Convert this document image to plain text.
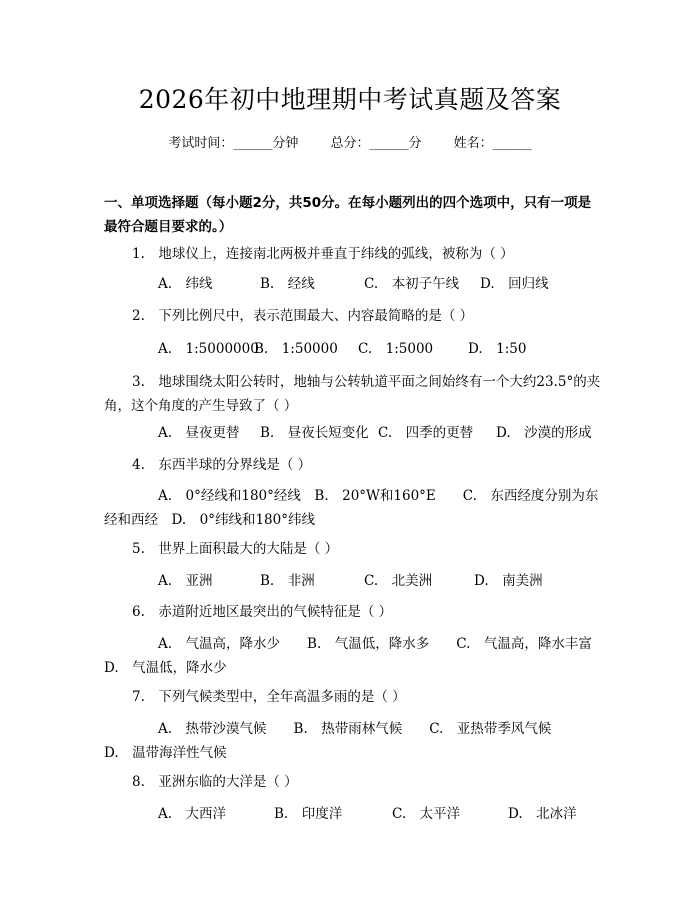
2026年初中地理期中考试真题及答案
考试时间：______分钟 总分：______分 姓名：______
一、单项选择题（每小题2分，共50分。在每小题列出的四个选项中，只有一项是最符合题目要求的。）
1.　地球仪上，连接南北两极并垂直于纬线的弧线，被称为（ ）
A.　纬线	B.　经线	C.　本初子午线	D.　回归线
2.　下列比例尺中，表示范围最大、内容最简略的是（ ）
A.　1:5000000
B.　1:50000	C.　1:5000	D.　1:50
3.　地球围绕太阳公转时，地轴与公转轨道平面之间始终有一个大约23.5°的夹角，这个角度的产生导致了（ ）
A.　昼夜更替	B.　昼夜长短变化 C.　四季的更替	D.　沙漠的形成
4.　东西半球的分界线是（ ）
A.　0°经线和180°经线　B.　20°W和160°E　　C.　东西经度分别为东
经和西经　D.　0°纬线和180°纬线
5.　世界上面积最大的大陆是（ ）
A.　亚洲	B.　非洲	C.　北美洲	D.　南美洲
6.　赤道附近地区最突出的气候特征是（ ）
A.　气温高，降水少　　B.　气温低，降水多　　C.　气温高，降水丰富
D.　气温低，降水少
7.　下列气候类型中，全年高温多雨的是（ ）
A.　热带沙漠气候　　B.　热带雨林气候　　C.　亚热带季风气候
D.　温带海洋性气候
8.　亚洲东临的大洋是（ ）
A.　大西洋	B.　印度洋	C.　太平洋	D.　北冰洋
